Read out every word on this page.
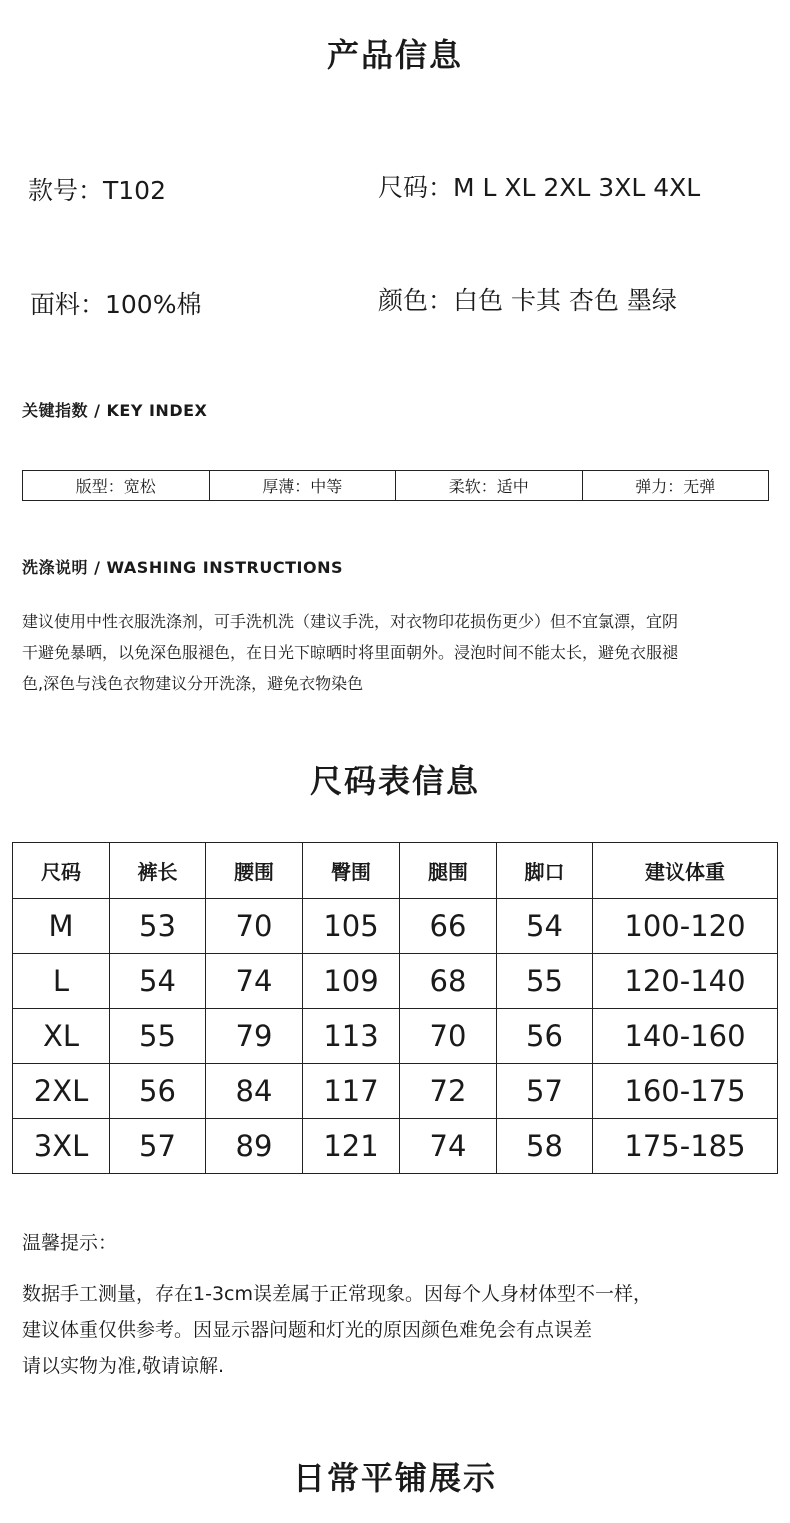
产品信息
款号：T102	尺码：M L XL 2XL 3XL 4XL
面料：100%棉	颜色：白色 卡其 杏色 墨绿
关键指数 / KEY INDEX
版型：宽松	厚薄：中等	柔软：适中	弹力：无弹
洗涤说明 / WASHING INSTRUCTIONS
建议使用中性衣服洗涤剂，可手洗机洗（建议手洗，对衣物印花损伤更少）但不宜氯漂，宜阴
干避免暴晒，以免深色服褪色，在日光下晾晒时将里面朝外。浸泡时间不能太长，避免衣服褪
色,深色与浅色衣物建议分开洗涤，避免衣物染色
尺码表信息
尺码	裤长	腰围	臀围	腿围	脚口	建议体重
M	53	70	105	66	54	100-120
L	54	74	109	68	55	120-140
XL	55	79	113	70	56	140-160
2XL	56	84	117	72	57	160-175
3XL	57	89	121	74	58	175-185
温馨提示：
数据手工测量，存在1-3cm误差属于正常现象。因每个人身材体型不一样，
建议体重仅供参考。因显示器问题和灯光的原因颜色难免会有点误差
请以实物为准,敬请谅解.
日常平铺展示
